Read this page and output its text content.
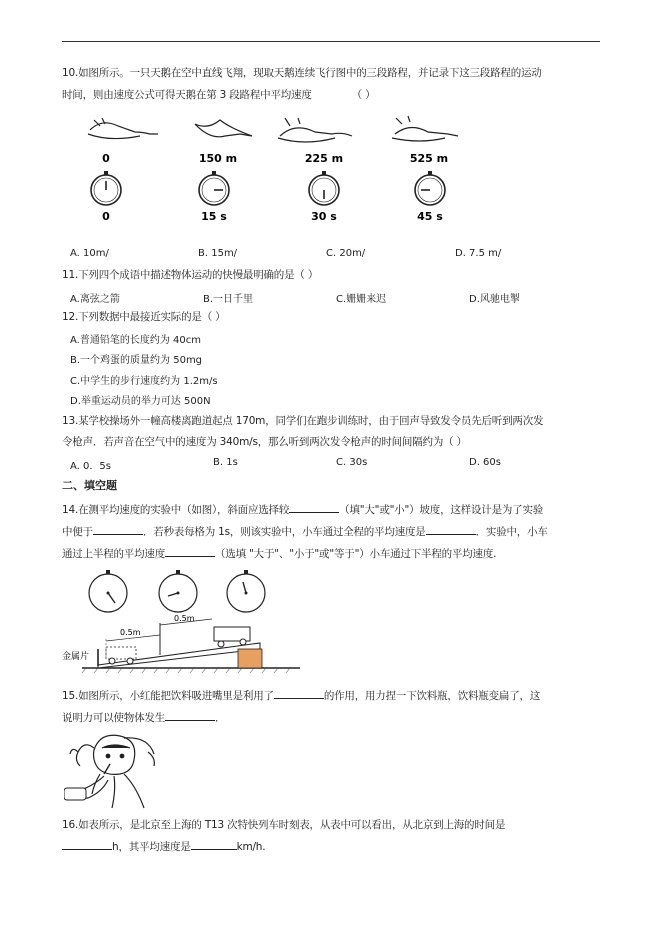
10.如图所示。一只天鹅在空中直线飞翔，现取天鹅连续飞行图中的三段路程，并记录下这三段路程的运动
时间，则由速度公式可得天鹅在第 3 段路程中平均速度	（ ）
0	150 m	225 m	525 m
0	15 s	30 s	45 s
A. 10m/	B. 15m/	C. 20m/	D. 7.5 m/
11.下列四个成语中描述物体运动的快慢最明确的是（ ）
A.离弦之箭	B.一日千里	C.姗姗来迟	D.风驰电掣
12.下列数据中最接近实际的是（ ）
A.普通铅笔的长度约为 40cm
B.一个鸡蛋的质量约为 50mg
C.中学生的步行速度约为 1.2m/s
D.举重运动员的举力可达 500N
13.某学校操场外一幢高楼离跑道起点 170m，同学们在跑步训练时，由于回声导致发令员先后听到两次发
令枪声．若声音在空气中的速度为 340m/s，那么听到两次发令枪声的时间间隔约为（ ）
A. 0．5s	B. 1s	C. 30s	D. 60s
二、填空题
14.在测平均速度的实验中（如图），斜面应选择较	（填"大"或"小"）坡度，这样设计是为了实验
中便于	．若秒表每格为 1s，则该实验中，小车通过全程的平均速度是	．实验中，小车
通过上半程的平均速度	（选填 "大于"、"小于"或"等于"）小车通过下半程的平均速度.
0.5m
0.5m
金属片
15.如图所示，小红能把饮料吸进嘴里是利用了	的作用，用力捏一下饮料瓶，饮料瓶变扁了，这
说明力可以使物体发生	．
16.如表所示，是北京至上海的 T13 次特快列车时刻表，从表中可以看出，从北京到上海的时间是
h，其平均速度是	km/h.
